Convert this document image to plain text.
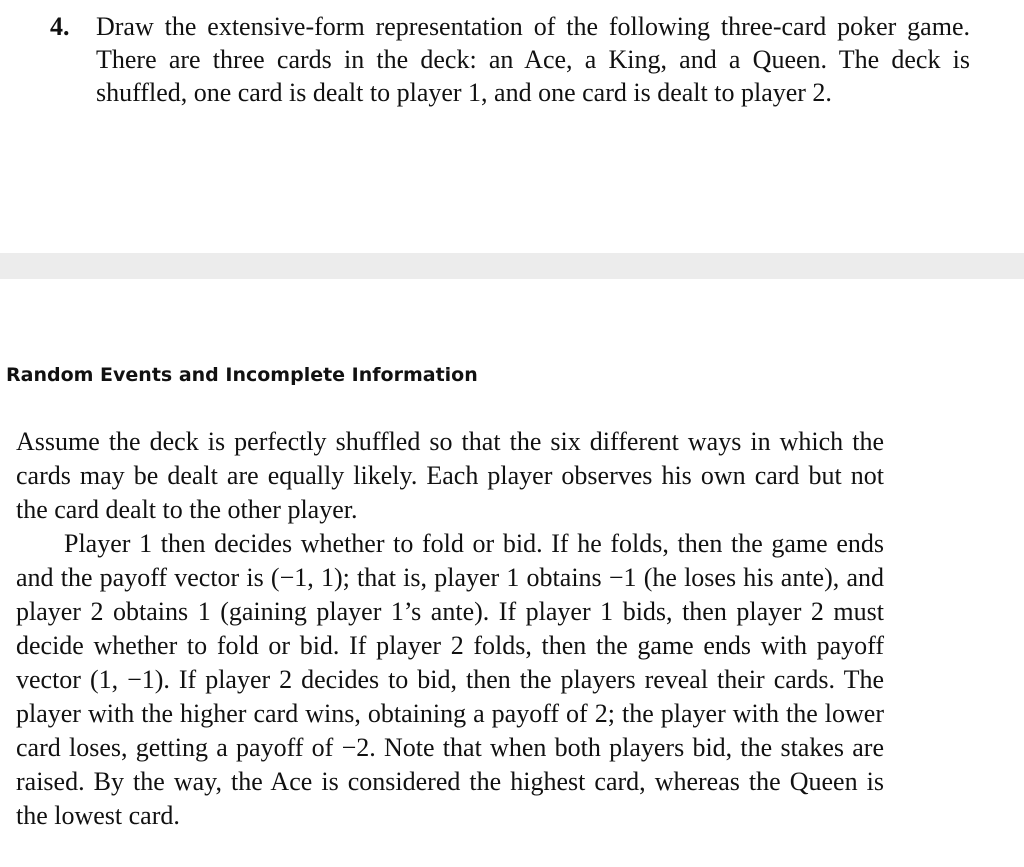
4. Draw the extensive-form representation of the following three-card poker game. There are three cards in the deck: an Ace, a King, and a Queen. The deck is shuffled, one card is dealt to player 1, and one card is dealt to player 2.
Random Events and Incomplete Information

Assume the deck is perfectly shuffled so that the six different ways in which the cards may be dealt are equally likely. Each player observes his own card but not the card dealt to the other player.

Player 1 then decides whether to fold or bid. If he folds, then the game ends and the payoff vector is (−1, 1); that is, player 1 obtains −1 (he loses his ante), and player 2 obtains 1 (gaining player 1’s ante). If player 1 bids, then player 2 must decide whether to fold or bid. If player 2 folds, then the game ends with payoff vector (1, −1). If player 2 decides to bid, then the players reveal their cards. The player with the higher card wins, obtaining a payoff of 2; the player with the lower card loses, getting a payoff of −2. Note that when both players bid, the stakes are raised. By the way, the Ace is considered the highest card, whereas the Queen is the lowest card.
